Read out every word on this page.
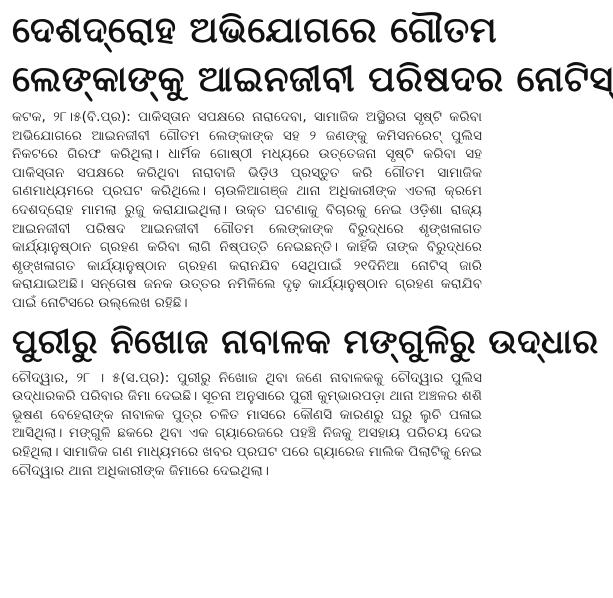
ଦେଶଦ୍ରୋହ ଅଭିଯୋଗରେ ଗୌତମ
ଲେଙ୍କାଙ୍କୁ ଆଇନଜୀବୀ ପରିଷଦର ନୋଟିସ୍

କଟକ, ୨୮।୫(ବି.ପ୍ର): ପାକିସ୍ତାନ ସପକ୍ଷରେ ନାରାଦେବା, ସାମାଜିକ ଅସ୍ଥିରତା ସୃଷ୍ଟି କରିବା ଅଭିଯୋଗରେ ଆଇନଜୀବୀ ଗୌତମ ଲେଙ୍କାଙ୍କ ସହ ୨ ଜଣଙ୍କୁ କମିସନରେଟ୍ ପୁଲିସ ନିକଟରେ ଗିରଫ କରିଥିଲା। ଧାର୍ମିକ ଗୋଷ୍ଠୀ ମଧ୍ୟରେ ଉତ୍ତେଜନା ସୃଷ୍ଟି କରିବା ସହ ପାକିସ୍ତାନ ସପକ୍ଷରେ କରିଥିବା ନାରାବାଜି ଭିଡ଼ିଓ ପ୍ରସ୍ତୁତ କରି ଗୌତମ ସାମାଜିକ ଗଣମାଧ୍ୟମରେ ପ୍ରଘଟ କରିଥିଲେ। ଚାଉଳିଆଗଞ୍ଜ ଥାନା ଅଧିକାରୀଙ୍କ ଏତଲା କ୍ରମେ ଦେଶଦ୍ରୋହ ମାମଲା ରୁଜୁ କରାଯାଇଥିଲା। ଉକ୍ତ ଘଟଣାକୁ ବିଚାରକୁ ନେଇ ଓଡ଼ିଶା ରାଜ୍ୟ ଆଇନଜୀବୀ ପରିଷଦ ଆଇନଜୀବୀ ଗୌତମ ଲେଙ୍କାଙ୍କ ବିରୁଦ୍ଧରେ ଶୃଙ୍ଖଳାଗତ କାର୍ଯ୍ୟାନୁଷ୍ଠାନ ଗ୍ରହଣ କରିବା ଲାଗି ନିଷ୍ପତ୍ତି ନେଇଛନ୍ତି। କାହିଁକି ତାଙ୍କ ବିରୁଦ୍ଧରେ ଶୃଙ୍ଖଳାଗତ କାର୍ଯ୍ୟାନୁଷ୍ଠାନ ଗ୍ରହଣ କରାନଯିବ ସେଥିପାଇଁ ୨୧ଦିନିଆ ନୋଟିସ୍ ଜାରି କରାଯାଇଅଛି। ସନ୍ତୋଷ ଜନକ ଉତ୍ତର ନମିଳିଲେ ଦୃଢ଼ କାର୍ଯ୍ୟାନୁଷ୍ଠାନ ଗ୍ରହଣ କରାଯିବ ପାଇଁ ନୋଟିସରେ ଉଲ୍ଲେଖ ରହିଛି।

ପୁରୀରୁ ନିଖୋଜ ନାବାଳକ ମଙ୍ଗୁଳିରୁ ଉଦ୍ଧାର

ଚୌଦ୍ୱାର, ୨୮ । ୫(ସ.ପ୍ର): ପୁରୀରୁ ନିଖୋଜ ଥିବା ଜଣେ ନାବାଳକକୁ ଚୌଦ୍ୱାର ପୁଲିସ ଉଦ୍ଧାରକରି ପରିବାର ଜିମା ଦେଇଛି। ସୂଚନା ଅନୁସାରେ ପୁରୀ କୁମ୍ଭାରପଡ଼ା ଥାନା ଅଞ୍ଚଳର ଶଶି ଭୂଷଣ ବେହେରାଙ୍କ ନାବାଳକ ପୁତ୍ର ଚଳିତ ମାସରେ କୌଣସି କାରଣରୁ ଘରୁ ଲୁଚି ପଳାଇ ଆସିଥିଲା। ମଙ୍ଗୁଳି ଛକରେ ଥିବା ଏକ ଗ୍ୟାରେଜରେ ପହଞ୍ଚି ନିଜକୁ ଅସହାୟ ପରିଚୟ ଦେଇ ରହିଥିଲା। ସାମାଜିକ ଗଣ ମାଧ୍ୟମରେ ଖବର ପ୍ରଘଟ ପରେ ଗ୍ୟାରେଜ ମାଲିକ ପିଲାଟିକୁ ନେଇ ଚୌଦ୍ୱାର ଥାନା ଅଧିକାରୀଙ୍କ ଜିମାରେ ଦେଇଥିଲା।
